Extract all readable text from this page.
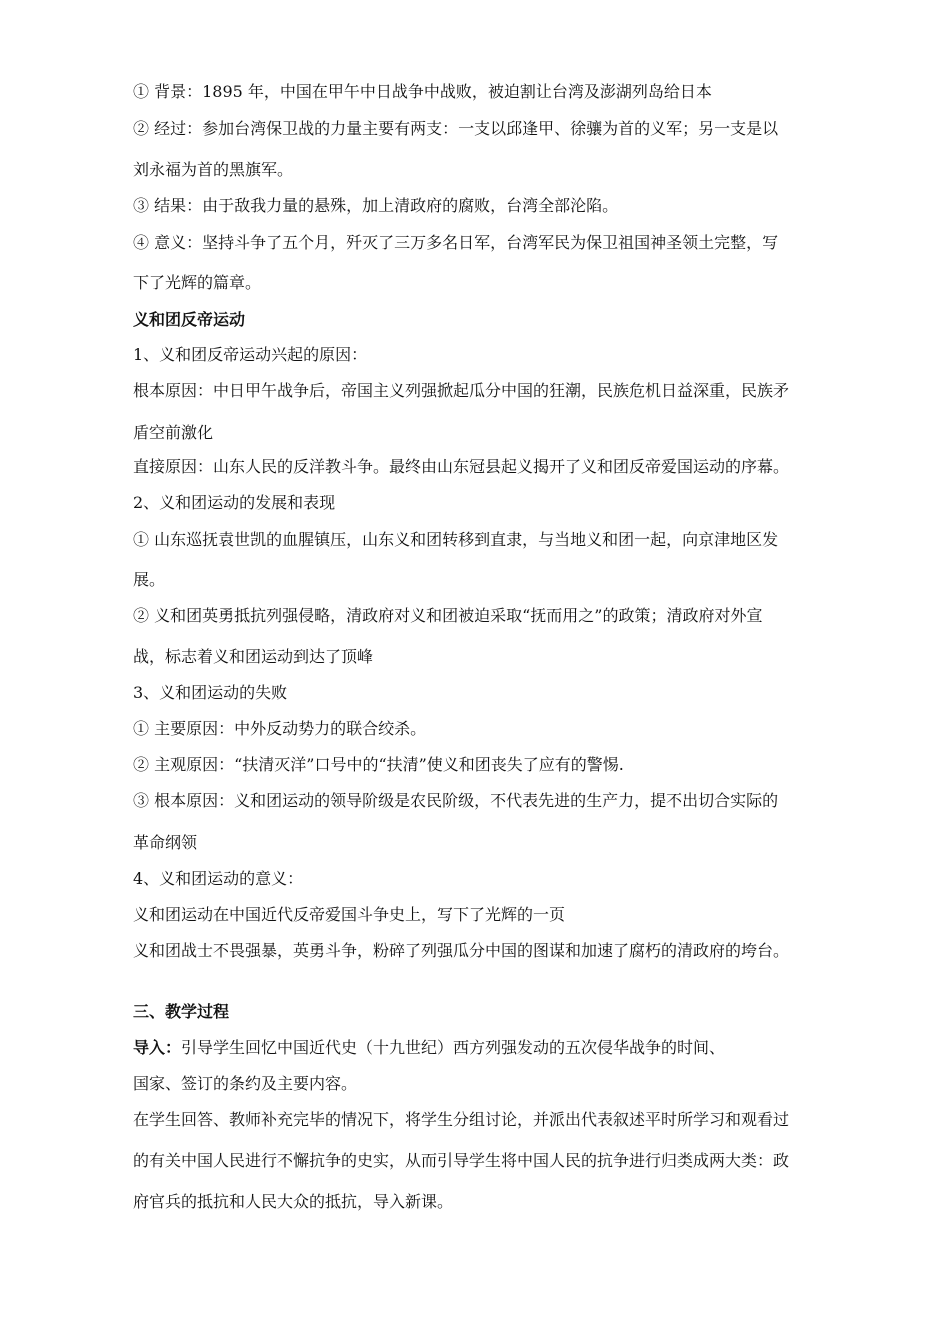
① 背景：1895 年，中国在甲午中日战争中战败，被迫割让台湾及澎湖列岛给日本
② 经过：参加台湾保卫战的力量主要有两支：一支以邱逢甲、徐骧为首的义军；另一支是以
刘永福为首的黑旗军。
③ 结果：由于敌我力量的悬殊，加上清政府的腐败，台湾全部沦陷。
④ 意义：坚持斗争了五个月，歼灭了三万多名日军，台湾军民为保卫祖国神圣领土完整，写
下了光辉的篇章。
义和团反帝运动
1、义和团反帝运动兴起的原因：
根本原因：中日甲午战争后，帝国主义列强掀起瓜分中国的狂潮，民族危机日益深重，民族矛
盾空前激化
直接原因：山东人民的反洋教斗争。最终由山东冠县起义揭开了义和团反帝爱国运动的序幕。
2、义和团运动的发展和表现
① 山东巡抚袁世凯的血腥镇压，山东义和团转移到直隶，与当地义和团一起，向京津地区发
展。
② 义和团英勇抵抗列强侵略，清政府对义和团被迫采取“抚而用之”的政策；清政府对外宣
战，标志着义和团运动到达了顶峰
3、义和团运动的失败
① 主要原因：中外反动势力的联合绞杀。
② 主观原因：“扶清灭洋”口号中的“扶清”使义和团丧失了应有的警惕.
③ 根本原因：义和团运动的领导阶级是农民阶级，不代表先进的生产力，提不出切合实际的
革命纲领
4、义和团运动的意义：
义和团运动在中国近代反帝爱国斗争史上，写下了光辉的一页
义和团战士不畏强暴，英勇斗争，粉碎了列强瓜分中国的图谋和加速了腐朽的清政府的垮台。
三、教学过程
导入：引导学生回忆中国近代史（十九世纪）西方列强发动的五次侵华战争的时间、
国家、签订的条约及主要内容。
在学生回答、教师补充完毕的情况下，将学生分组讨论，并派出代表叙述平时所学习和观看过
的有关中国人民进行不懈抗争的史实，从而引导学生将中国人民的抗争进行归类成两大类：政
府官兵的抵抗和人民大众的抵抗，导入新课。
